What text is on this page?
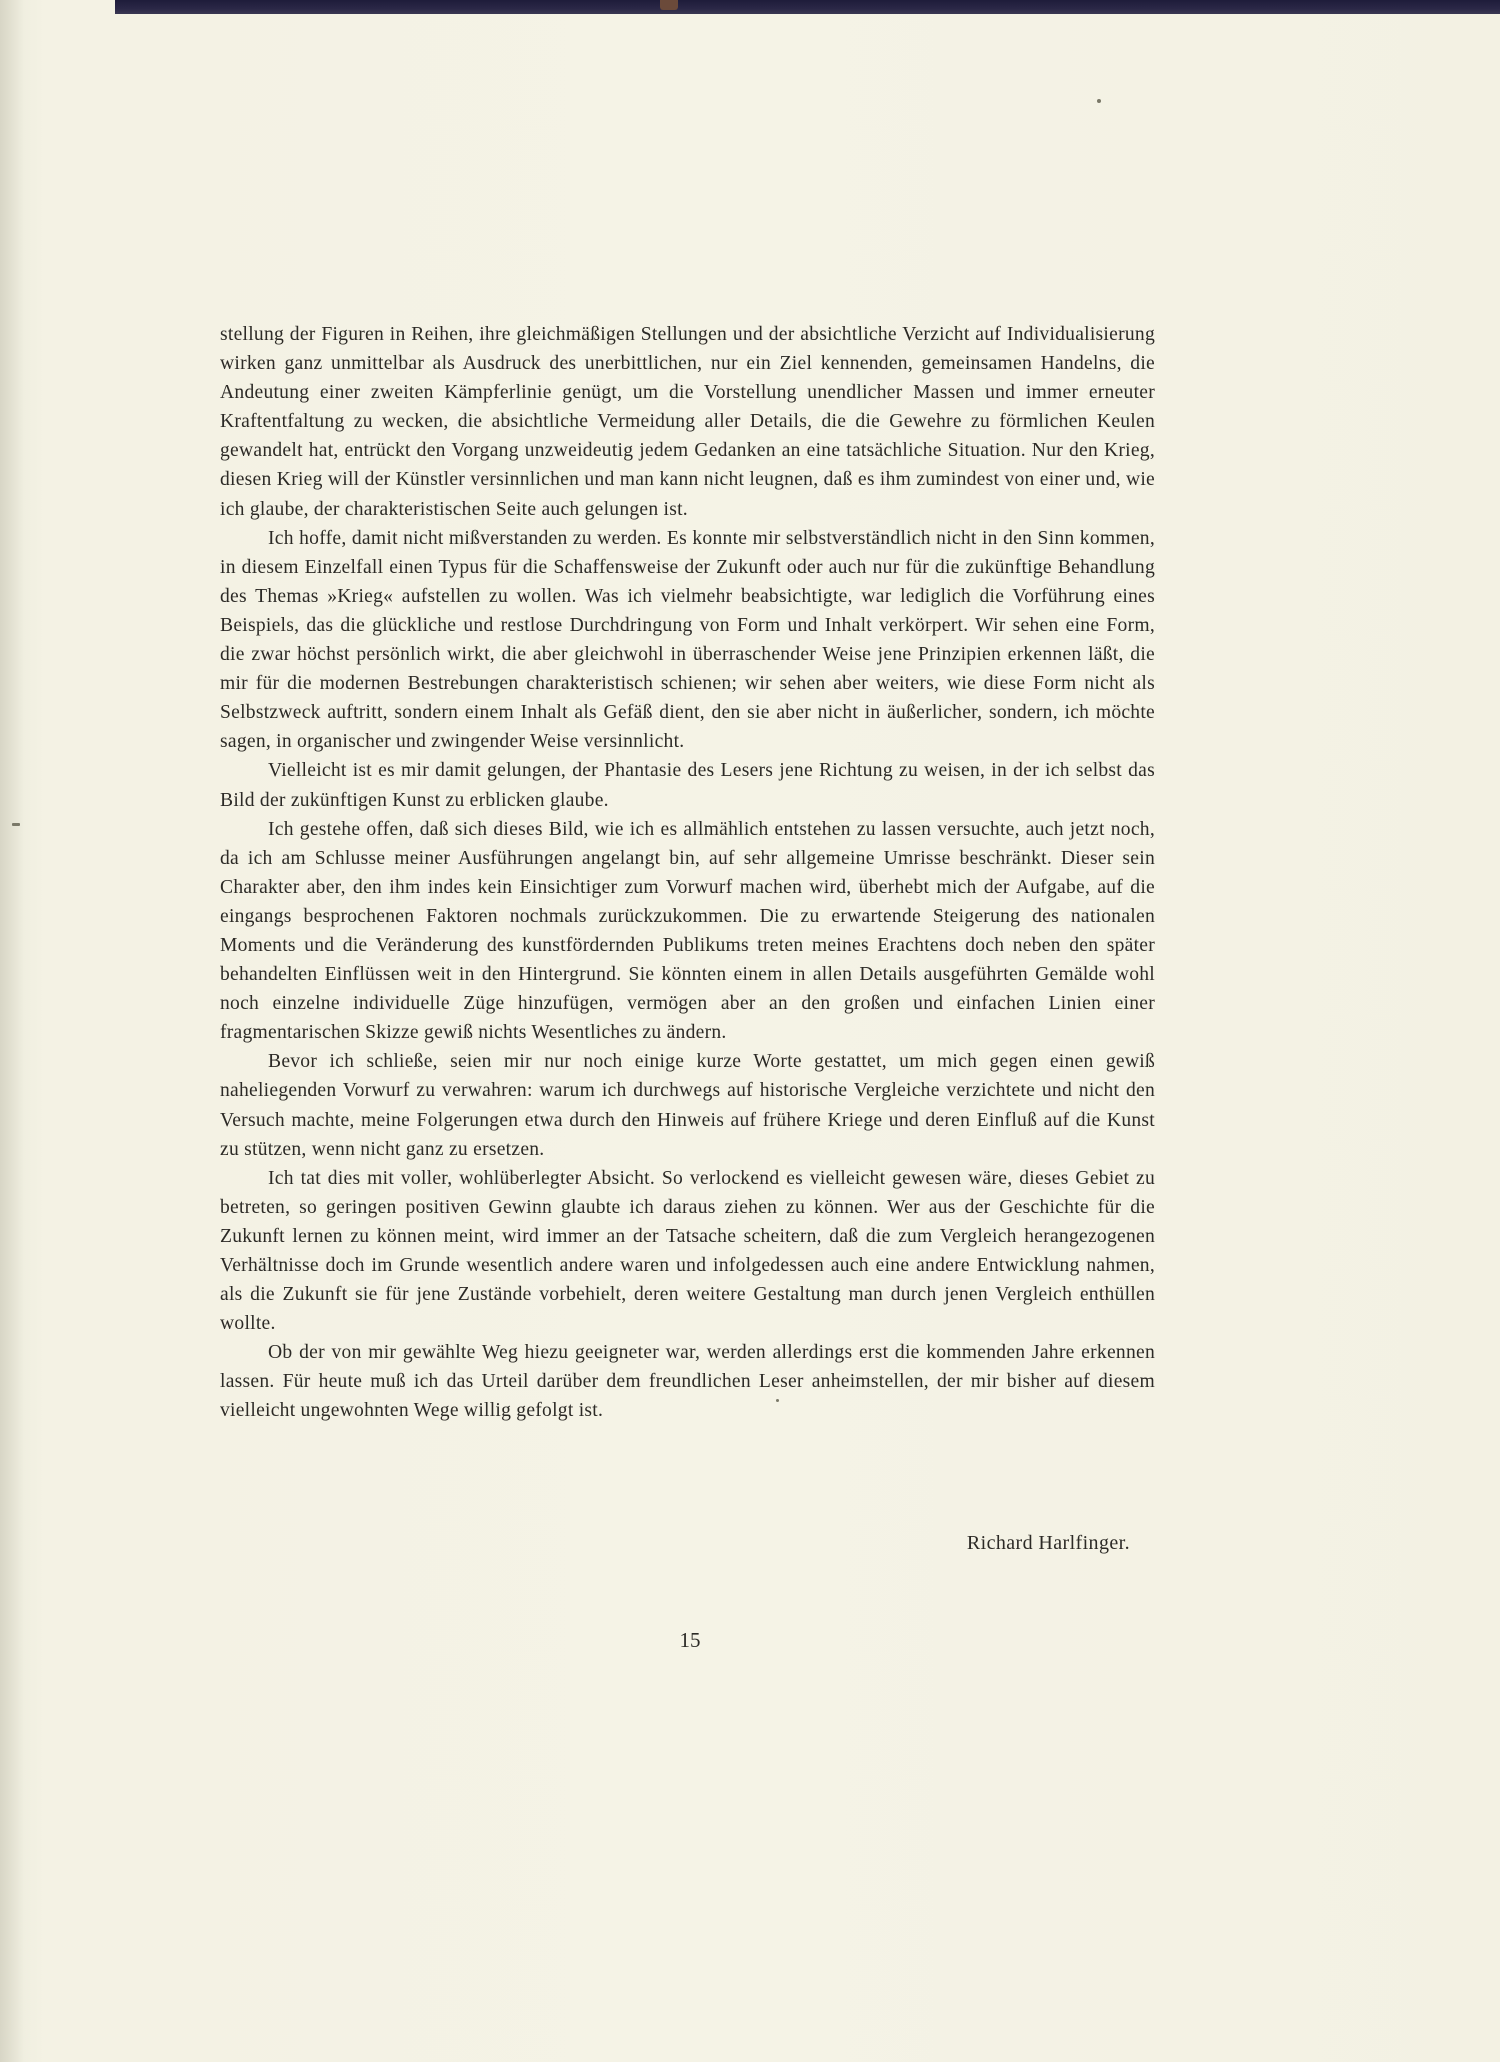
stellung der Figuren in Reihen, ihre gleichmäßigen Stellungen und der absichtliche Verzicht auf Individualisierung wirken ganz unmittelbar als Ausdruck des unerbittlichen, nur ein Ziel kennenden, gemeinsamen Handelns, die Andeutung einer zweiten Kämpferlinie genügt, um die Vorstellung unendlicher Massen und immer erneuter Kraftentfaltung zu wecken, die absichtliche Vermeidung aller Details, die die Gewehre zu förmlichen Keulen gewandelt hat, entrückt den Vorgang unzweideutig jedem Gedanken an eine tatsächliche Situation. Nur den Krieg, diesen Krieg will der Künstler versinnlichen und man kann nicht leugnen, daß es ihm zumindest von einer und, wie ich glaube, der charakteristischen Seite auch gelungen ist.

Ich hoffe, damit nicht mißverstanden zu werden. Es konnte mir selbstverständlich nicht in den Sinn kommen, in diesem Einzelfall einen Typus für die Schaffensweise der Zukunft oder auch nur für die zukünftige Behandlung des Themas »Krieg« aufstellen zu wollen. Was ich vielmehr beabsichtigte, war lediglich die Vorführung eines Beispiels, das die glückliche und restlose Durchdringung von Form und Inhalt verkörpert. Wir sehen eine Form, die zwar höchst persönlich wirkt, die aber gleichwohl in überraschender Weise jene Prinzipien erkennen läßt, die mir für die modernen Bestrebungen charakteristisch schienen; wir sehen aber weiters, wie diese Form nicht als Selbstzweck auftritt, sondern einem Inhalt als Gefäß dient, den sie aber nicht in äußerlicher, sondern, ich möchte sagen, in organischer und zwingender Weise versinnlicht.

Vielleicht ist es mir damit gelungen, der Phantasie des Lesers jene Richtung zu weisen, in der ich selbst das Bild der zukünftigen Kunst zu erblicken glaube.

Ich gestehe offen, daß sich dieses Bild, wie ich es allmählich entstehen zu lassen versuchte, auch jetzt noch, da ich am Schlusse meiner Ausführungen angelangt bin, auf sehr allgemeine Umrisse beschränkt. Dieser sein Charakter aber, den ihm indes kein Einsichtiger zum Vorwurf machen wird, überhebt mich der Aufgabe, auf die eingangs besprochenen Faktoren nochmals zurückzukommen. Die zu erwartende Steigerung des nationalen Moments und die Veränderung des kunstfördernden Publikums treten meines Erachtens doch neben den später behandelten Einflüssen weit in den Hintergrund. Sie könnten einem in allen Details ausgeführten Gemälde wohl noch einzelne individuelle Züge hinzufügen, vermögen aber an den großen und einfachen Linien einer fragmentarischen Skizze gewiß nichts Wesentliches zu ändern.

Bevor ich schließe, seien mir nur noch einige kurze Worte gestattet, um mich gegen einen gewiß naheliegenden Vorwurf zu verwahren: warum ich durchwegs auf historische Vergleiche verzichtete und nicht den Versuch machte, meine Folgerungen etwa durch den Hinweis auf frühere Kriege und deren Einfluß auf die Kunst zu stützen, wenn nicht ganz zu ersetzen.

Ich tat dies mit voller, wohlüberlegter Absicht. So verlockend es vielleicht gewesen wäre, dieses Gebiet zu betreten, so geringen positiven Gewinn glaubte ich daraus ziehen zu können. Wer aus der Geschichte für die Zukunft lernen zu können meint, wird immer an der Tatsache scheitern, daß die zum Vergleich herangezogenen Verhältnisse doch im Grunde wesentlich andere waren und infolgedessen auch eine andere Entwicklung nahmen, als die Zukunft sie für jene Zustände vorbehielt, deren weitere Gestaltung man durch jenen Vergleich enthüllen wollte.

Ob der von mir gewählte Weg hiezu geeigneter war, werden allerdings erst die kommenden Jahre erkennen lassen. Für heute muß ich das Urteil darüber dem freundlichen Leser anheimstellen, der mir bisher auf diesem vielleicht ungewohnten Wege willig gefolgt ist.

Richard Harlfinger.
15
